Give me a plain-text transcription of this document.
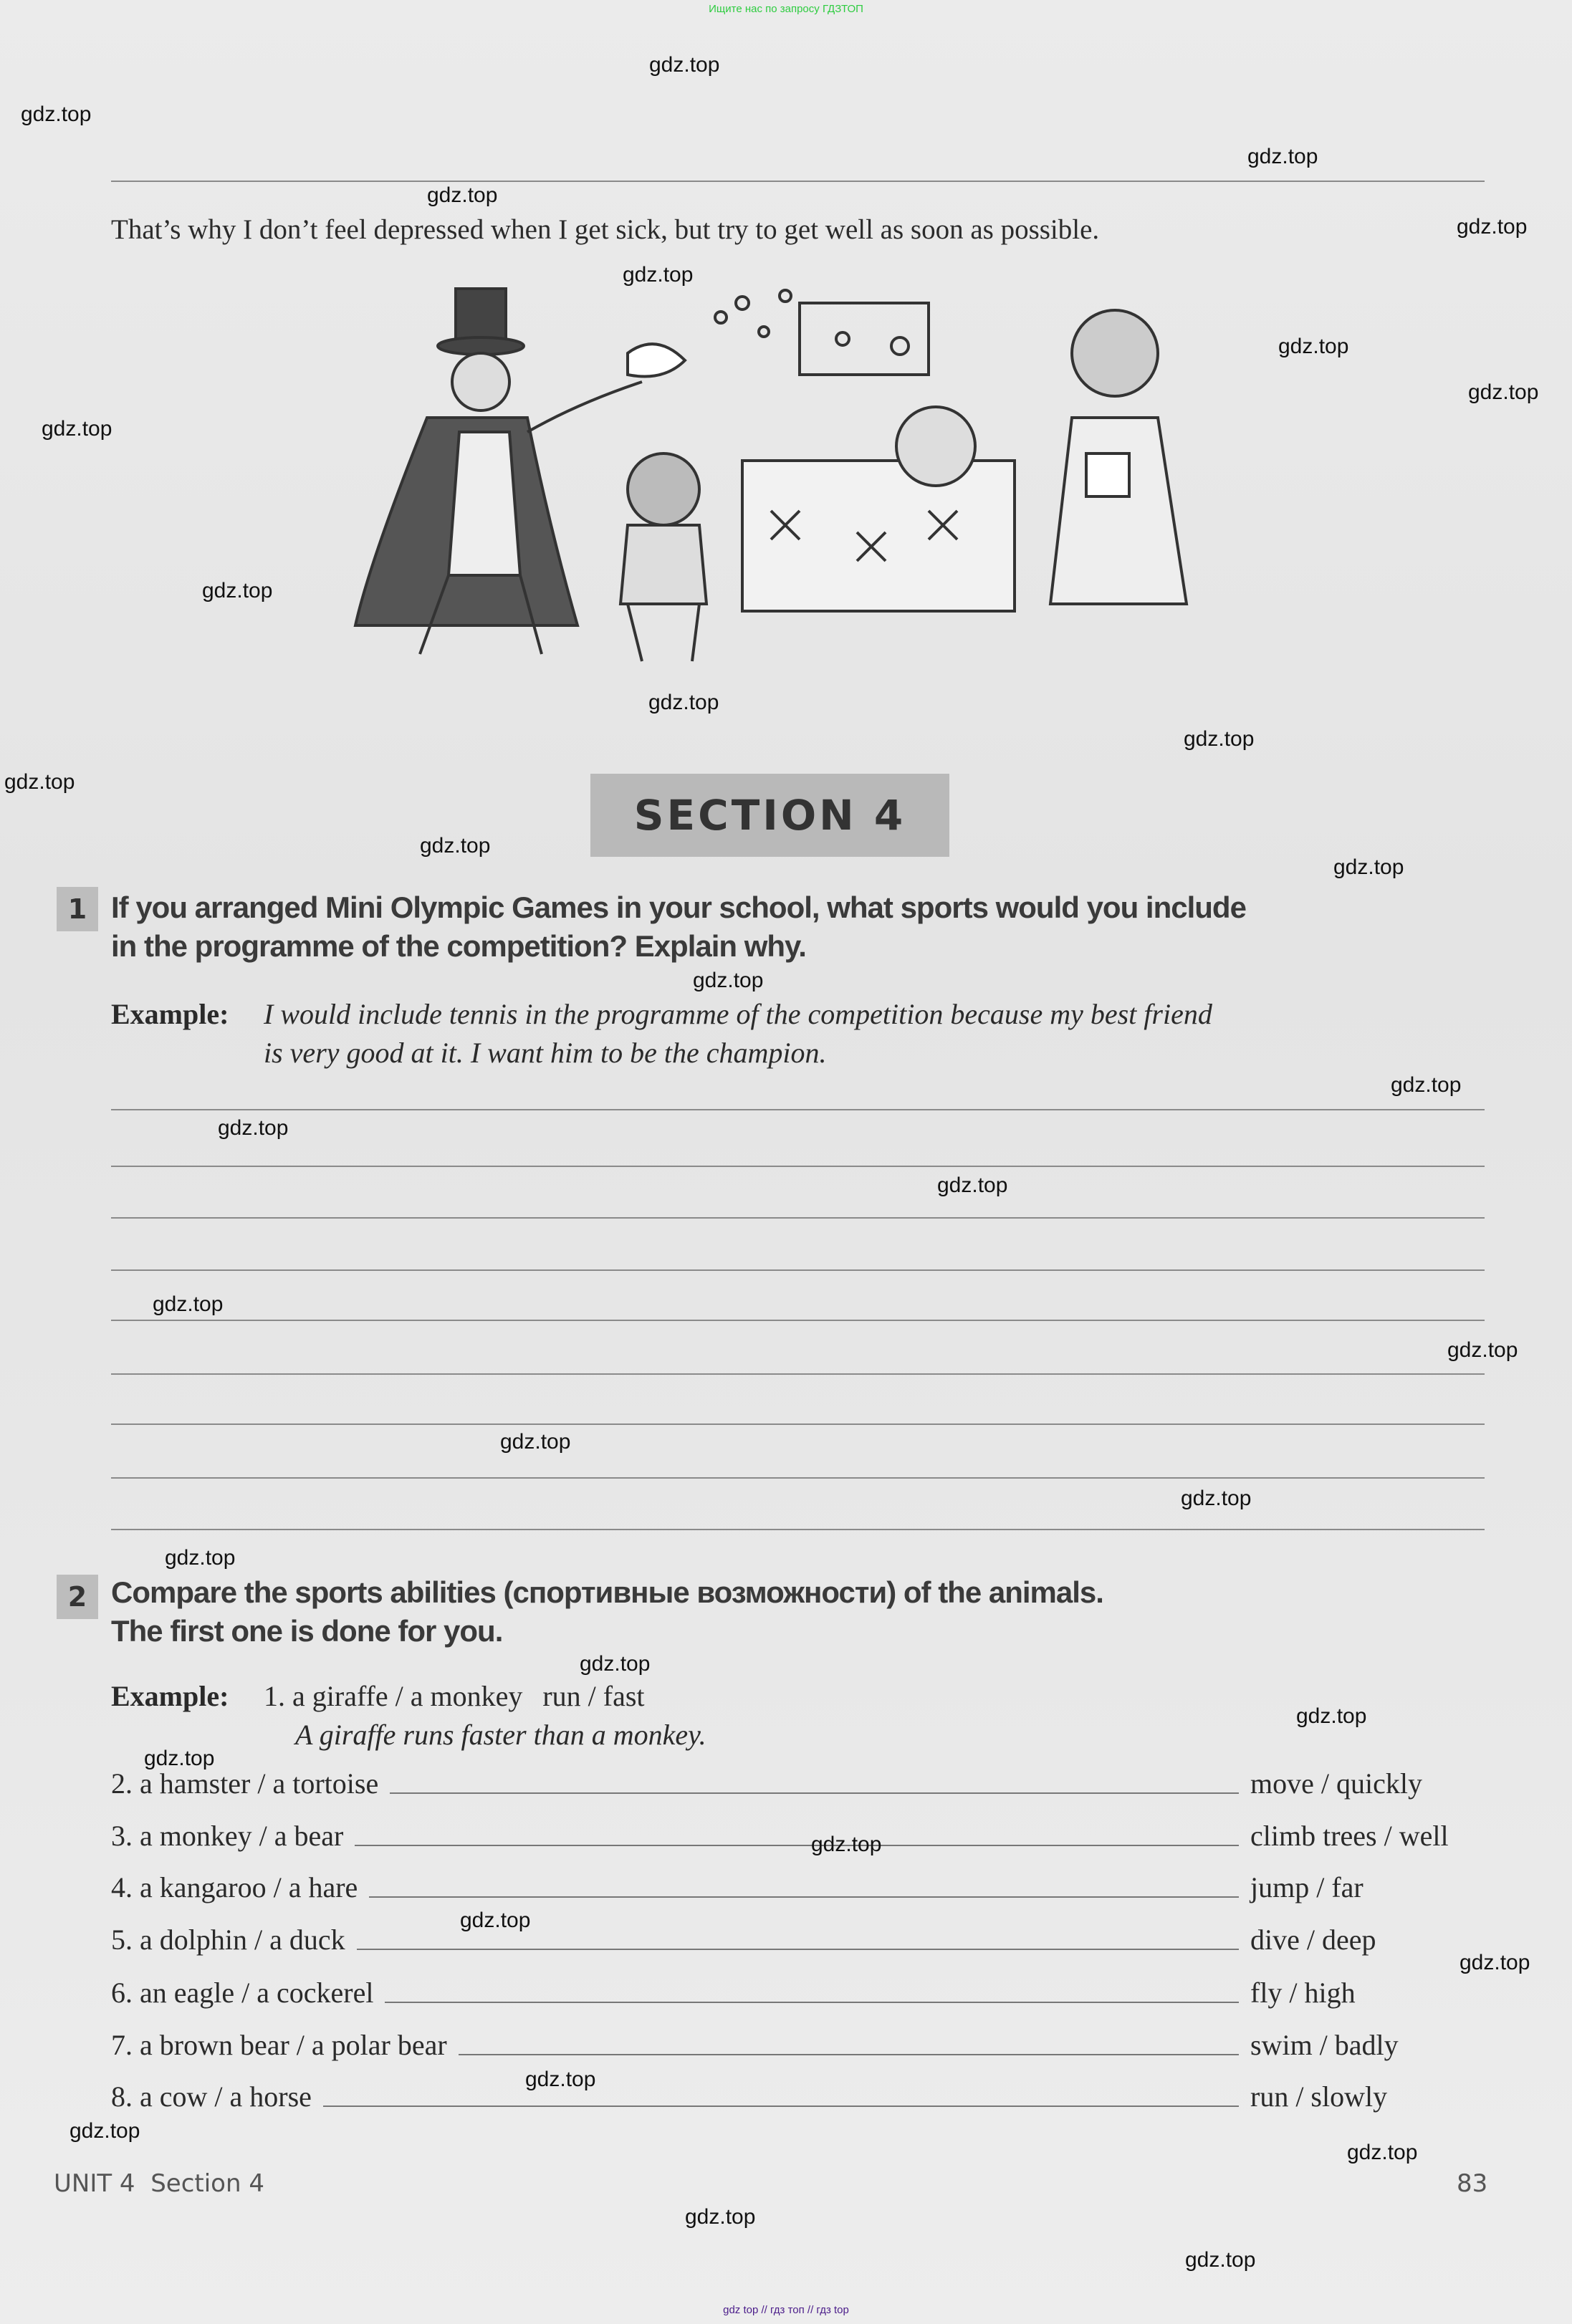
Ищите нас по запросу ГДЗТОП
That’s why I don’t feel depressed when I get sick, but try to get well as soon as possible.
SECTION 4
1 If you arranged Mini Olympic Games in your school, what sports would you include
in the programme of the competition? Explain why.
Example: I would include tennis in the programme of the competition because my best friend
is very good at it. I want him to be the champion.
2 Compare the sports abilities (спортивные возможности) of the animals.
The first one is done for you.
Example: 1. a giraffe / a monkey run / fast
A giraffe runs faster than a monkey.
2. a hamster / a tortoise	move / quickly
3. a monkey / a bear	climb trees / well
4. a kangaroo / a hare	jump / far
5. a dolphin / a duck	dive / deep
6. an eagle / a cockerel	fly / high
7. a brown bear / a polar bear	swim / badly
8. a cow / a horse	run / slowly
UNIT 4 Section 4	83
gdz.top
gdz.top
gdz.top
gdz.top
gdz.top
gdz.top
gdz.top
gdz.top
gdz.top
gdz.top
gdz.top
gdz.top
gdz.top
gdz.top
gdz.top
gdz.top
gdz.top
gdz.top
gdz.top
gdz.top
gdz.top
gdz.top
gdz.top
gdz.top
gdz.top
gdz.top
gdz.top
gdz.top
gdz.top
gdz.top
gdz.top
gdz.top
gdz.top
gdz.top
gdz.top
gdz top // гдз топ // гдз top
